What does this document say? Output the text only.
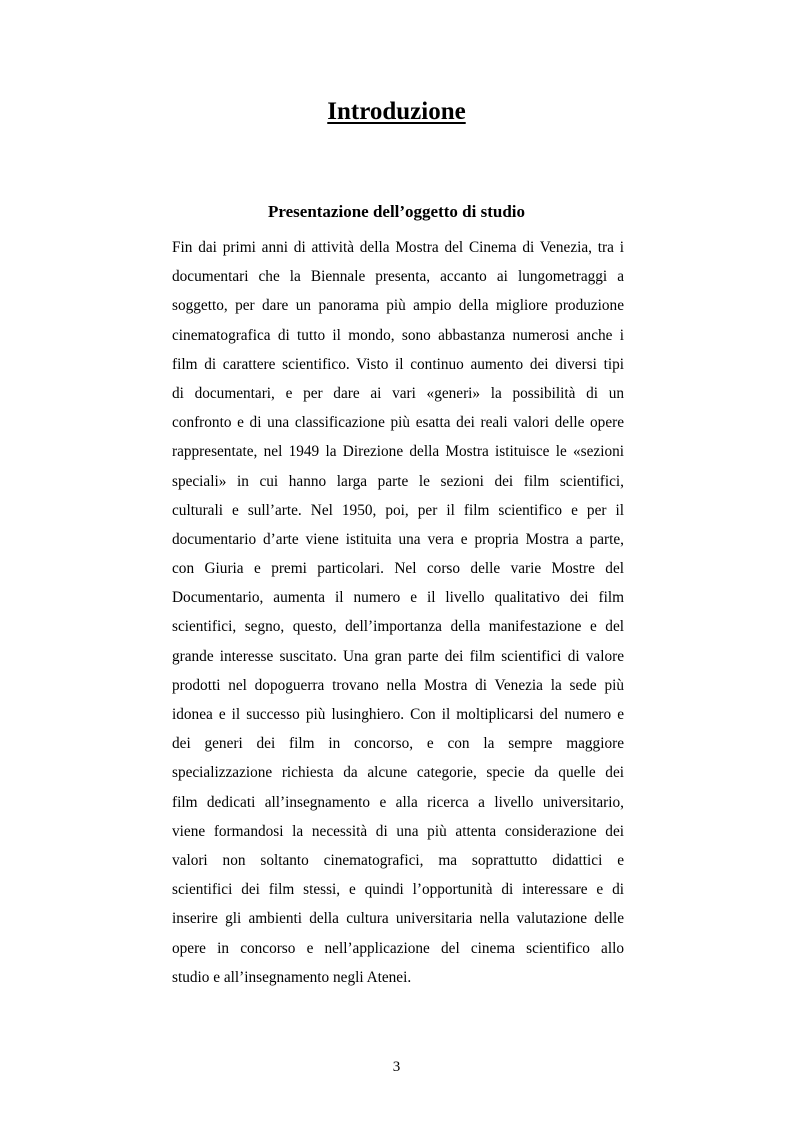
Introduzione
Presentazione dell’oggetto di studio
Fin dai primi anni di attività della Mostra del Cinema di Venezia, tra i
documentari che la Biennale presenta, accanto ai lungometraggi a
soggetto, per dare un panorama più ampio della migliore produzione
cinematografica di tutto il mondo, sono abbastanza numerosi anche i
film di carattere scientifico. Visto il continuo aumento dei diversi tipi
di documentari, e per dare ai vari «generi» la possibilità di un
confronto e di una classificazione più esatta dei reali valori delle opere
rappresentate, nel 1949 la Direzione della Mostra istituisce le «sezioni
speciali» in cui hanno larga parte le sezioni dei film scientifici,
culturali e sull’arte. Nel 1950, poi, per il film scientifico e per il
documentario d’arte viene istituita una vera e propria Mostra a parte,
con Giuria e premi particolari. Nel corso delle varie Mostre del
Documentario, aumenta il numero e il livello qualitativo dei film
scientifici, segno, questo, dell’importanza della manifestazione e del
grande interesse suscitato. Una gran parte dei film scientifici di valore
prodotti nel dopoguerra trovano nella Mostra di Venezia la sede più
idonea e il successo più lusinghiero. Con il moltiplicarsi del numero e
dei generi dei film in concorso, e con la sempre maggiore
specializzazione richiesta da alcune categorie, specie da quelle dei
film dedicati all’insegnamento e alla ricerca a livello universitario,
viene formandosi la necessità di una più attenta considerazione dei
valori non soltanto cinematografici, ma soprattutto didattici e
scientifici dei film stessi, e quindi l’opportunità di interessare e di
inserire gli ambienti della cultura universitaria nella valutazione delle
opere in concorso e nell’applicazione del cinema scientifico allo
studio e all’insegnamento negli Atenei.
3
